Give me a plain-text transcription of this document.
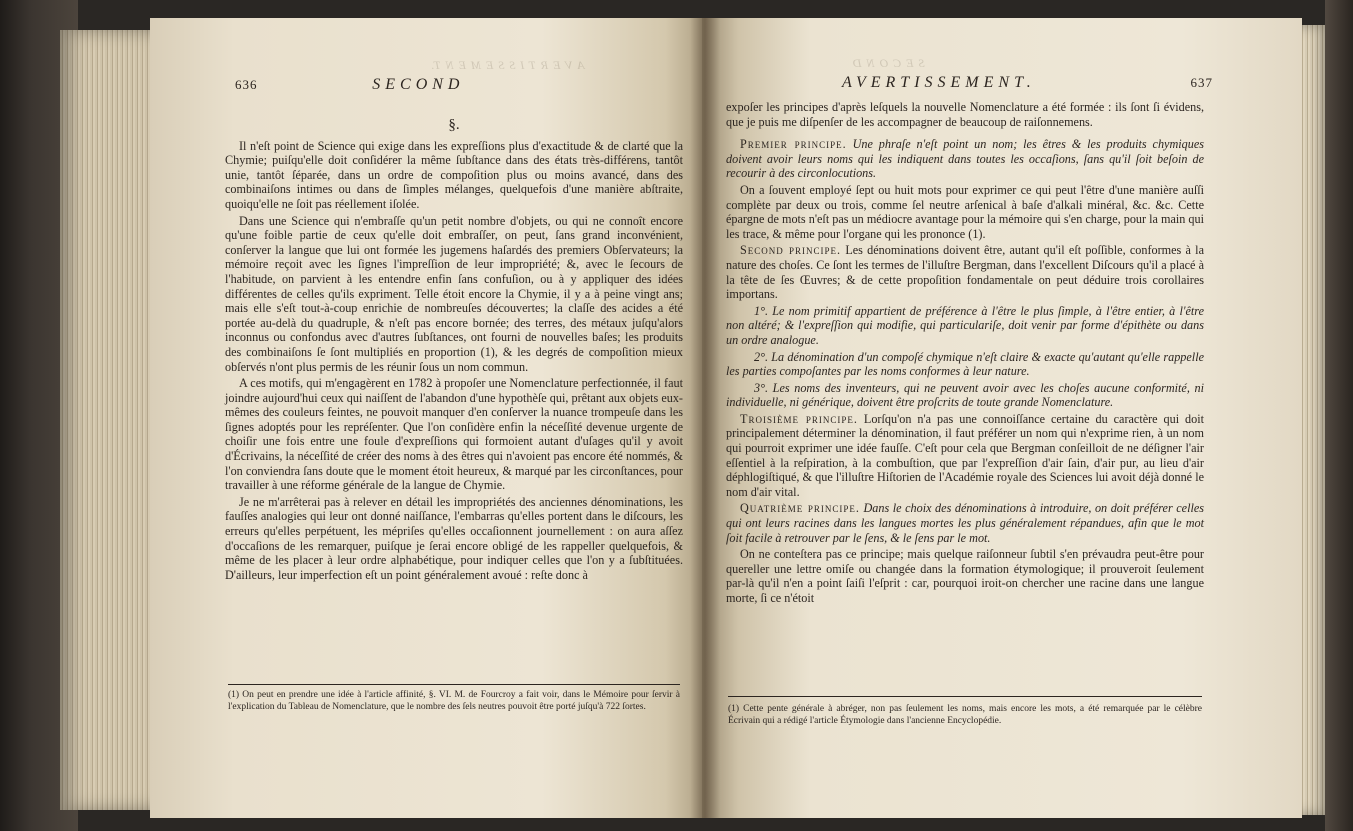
A V E R T I S S E M E N T.
636	SECOND
§.

Il n'eſt point de Science qui exige dans les expreſſions plus d'exactitude & de clarté que la Chymie; puiſqu'elle doit conſidérer la même ſubſtance dans des états très-différens, tantôt unie, tantôt ſéparée, dans un ordre de compoſition plus ou moins avancé, dans des combinaiſons intimes ou dans de ſimples mélanges, quelquefois d'une manière abſtraite, quoiqu'elle ne ſoit pas réellement iſolée.

Dans une Science qui n'embraſſe qu'un petit nombre d'objets, ou qui ne connoît encore qu'une foible partie de ceux qu'elle doit embraſſer, on peut, ſans grand inconvénient, conſerver la langue que lui ont formée les jugemens haſardés des premiers Obſervateurs; la mémoire reçoit avec les ſignes l'impreſſion de leur impropriété; &, avec le ſecours de l'habitude, on parvient à les entendre enfin ſans confuſion, ou à y appliquer des idées différentes de celles qu'ils expriment. Telle étoit encore la Chymie, il y a à peine vingt ans; mais elle s'eſt tout-à-coup enrichie de nombreuſes découvertes; la claſſe des acides a été portée au-delà du quadruple, & n'eſt pas encore bornée; des terres, des métaux juſqu'alors inconnus ou confondus avec d'autres ſubſtances, ont fourni de nouvelles baſes; les produits des combinaiſons ſe ſont multipliés en proportion (1), & les degrés de compoſition mieux obſervés n'ont plus permis de les réunir ſous un nom commun.

A ces motifs, qui m'engagèrent en 1782 à propoſer une Nomenclature perfectionnée, il faut joindre aujourd'hui ceux qui naiſſent de l'abandon d'une hypothèſe qui, prêtant aux objets eux-mêmes des couleurs feintes, ne pouvoit manquer d'en conſerver la nuance trompeuſe dans les ſignes adoptés pour les repréſenter. Que l'on conſidère enfin la néceſſité devenue urgente de choiſir une fois entre une foule d'expreſſions qui formoient autant d'uſages qu'il y avoit d'Écrivains, la néceſſité de créer des noms à des êtres qui n'avoient pas encore été nommés, & l'on conviendra ſans doute que le moment étoit heureux, & marqué par les circonſtances, pour travailler à une réforme générale de la langue de Chymie.

Je ne m'arrêterai pas à relever en détail les impropriétés des anciennes dénominations, les fauſſes analogies qui leur ont donné naiſſance, l'embarras qu'elles portent dans le diſcours, les erreurs qu'elles perpétuent, les mépriſes qu'elles occaſionnent journellement : on aura aſſez d'occaſions de les remarquer, puiſque je ſerai encore obligé de les rappeller quelquefois, & même de les placer à leur ordre alphabétique, pour indiquer celles que l'on y a ſubſtituées. D'ailleurs, leur imperfection eſt un point généralement avoué : reſte donc à

(1) On peut en prendre une idée à l'article affinité, §. VI. M. de Fourcroy a fait voir, dans le Mémoire pour ſervir à l'explication du Tableau de Nomenclature, que le nombre des ſels neutres pouvoit être porté juſqu'à 722 ſortes.
S E C O N D
AVERTISSEMENT.	637

expoſer les principes d'après leſquels la nouvelle Nomenclature a été formée : ils ſont ſi évidens, que je puis me diſpenſer de les accompagner de beaucoup de raiſonnemens.

Premier principe. Une phraſe n'eſt point un nom; les êtres & les produits chymiques doivent avoir leurs noms qui les indiquent dans toutes les occaſions, ſans qu'il ſoit beſoin de recourir à des circonlocutions.

On a ſouvent employé ſept ou huit mots pour exprimer ce qui peut l'être d'une manière auſſi complète par deux ou trois, comme ſel neutre arſenical à baſe d'alkali minéral, &c. &c. Cette épargne de mots n'eſt pas un médiocre avantage pour la mémoire qui s'en charge, pour la main qui les trace, & même pour l'organe qui les prononce (1).

Second principe. Les dénominations doivent être, autant qu'il eſt poſſible, conformes à la nature des choſes. Ce ſont les termes de l'illuſtre Bergman, dans l'excellent Diſcours qu'il a placé à la tête de ſes Œuvres; & de cette propoſition fondamentale on peut déduire trois corollaires importans.

1°. Le nom primitif appartient de préférence à l'être le plus ſimple, à l'être entier, à l'être non altéré; & l'expreſſion qui modifie, qui particulariſe, doit venir par forme d'épithète ou dans un ordre analogue.

2°. La dénomination d'un compoſé chymique n'eſt claire & exacte qu'autant qu'elle rappelle les parties compoſantes par les noms conformes à leur nature.

3°. Les noms des inventeurs, qui ne peuvent avoir avec les choſes aucune conformité, ni individuelle, ni générique, doivent être proſcrits de toute grande Nomenclature.

Troisième principe. Lorſqu'on n'a pas une connoiſſance certaine du caractère qui doit principalement déterminer la dénomination, il faut préférer un nom qui n'exprime rien, à un nom qui pourroit exprimer une idée fauſſe. C'eſt pour cela que Bergman conſeilloit de ne déſigner l'air eſſentiel à la reſpiration, à la combuſtion, que par l'expreſſion d'air ſain, d'air pur, au lieu d'air déphlogiſtiqué, & que l'illuſtre Hiſtorien de l'Académie royale des Sciences lui avoit déjà donné le nom d'air vital.

Quatrième principe. Dans le choix des dénominations à introduire, on doit préférer celles qui ont leurs racines dans les langues mortes les plus généralement répandues, afin que le mot ſoit facile à retrouver par le ſens, & le ſens par le mot.

On ne conteſtera pas ce principe; mais quelque raiſonneur ſubtil s'en prévaudra peut-être pour quereller une lettre omiſe ou changée dans la formation étymologique; il prouveroit ſeulement par-là qu'il n'en a point ſaiſi l'eſprit : car, pourquoi iroit-on chercher une racine dans une langue morte, ſi ce n'étoit

(1) Cette pente générale à abréger, non pas ſeulement les noms, mais encore les mots, a été remarquée par le célèbre Écrivain qui a rédigé l'article Étymologie dans l'ancienne Encyclopédie.
